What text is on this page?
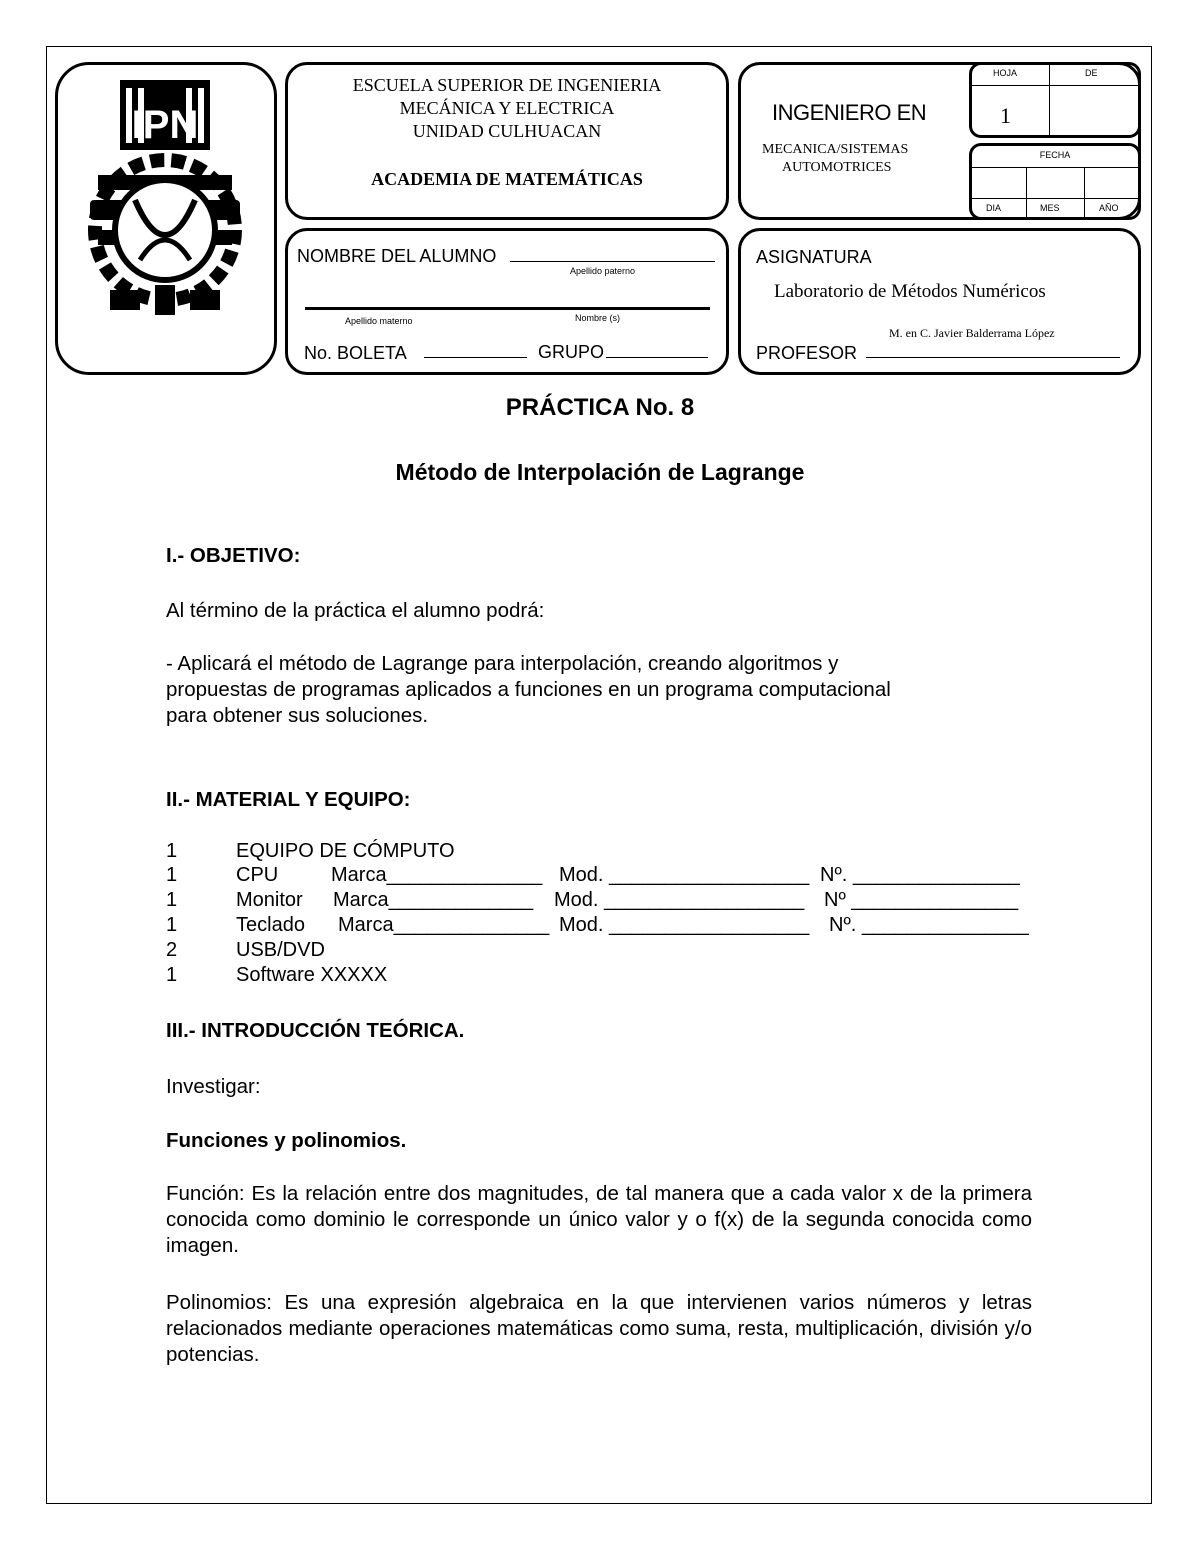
IPN
ESCUELA SUPERIOR DE INGENIERIA
MECÁNICA Y ELECTRICA
UNIDAD CULHUACAN
ACADEMIA DE MATEMÁTICAS
INGENIERO EN
MECANICA/SISTEMAS
AUTOMOTRICES
HOJA	DE
1
FECHA
DIA	MES	AÑO
NOMBRE DEL ALUMNO
Apellido paterno
Apellido materno	Nombre (s)
No. BOLETA	GRUPO
ASIGNATURA
Laboratorio de Métodos Numéricos
M. en C. Javier Balderrama López
PROFESOR
PRÁCTICA No. 8
Método de Interpolación de Lagrange
I.- OBJETIVO:
Al término de la práctica el alumno podrá:
- Aplicará el método de Lagrange para interpolación, creando algoritmos y
propuestas de programas aplicados a funciones en un programa computacional
para obtener sus soluciones.
II.- MATERIAL Y EQUIPO:
1	EQUIPO DE CÓMPUTO
1	CPU	Marca______________ Mod. __________________ Nº. _______________
1	Monitor Marca_____________ Mod. __________________ Nº _______________
1	Teclado Marca______________ Mod. __________________ Nº. _______________
2	USB/DVD
1	Software XXXXX
III.- INTRODUCCIÓN TEÓRICA.
Investigar:
Funciones y polinomios.
Función: Es la relación entre dos magnitudes, de tal manera que a cada valor x de la primera conocida como dominio le corresponde un único valor y o f(x) de la segunda conocida como imagen.
Polinomios: Es una expresión algebraica en la que intervienen varios números y letras relacionados mediante operaciones matemáticas como suma, resta, multiplicación, división y/o potencias.
